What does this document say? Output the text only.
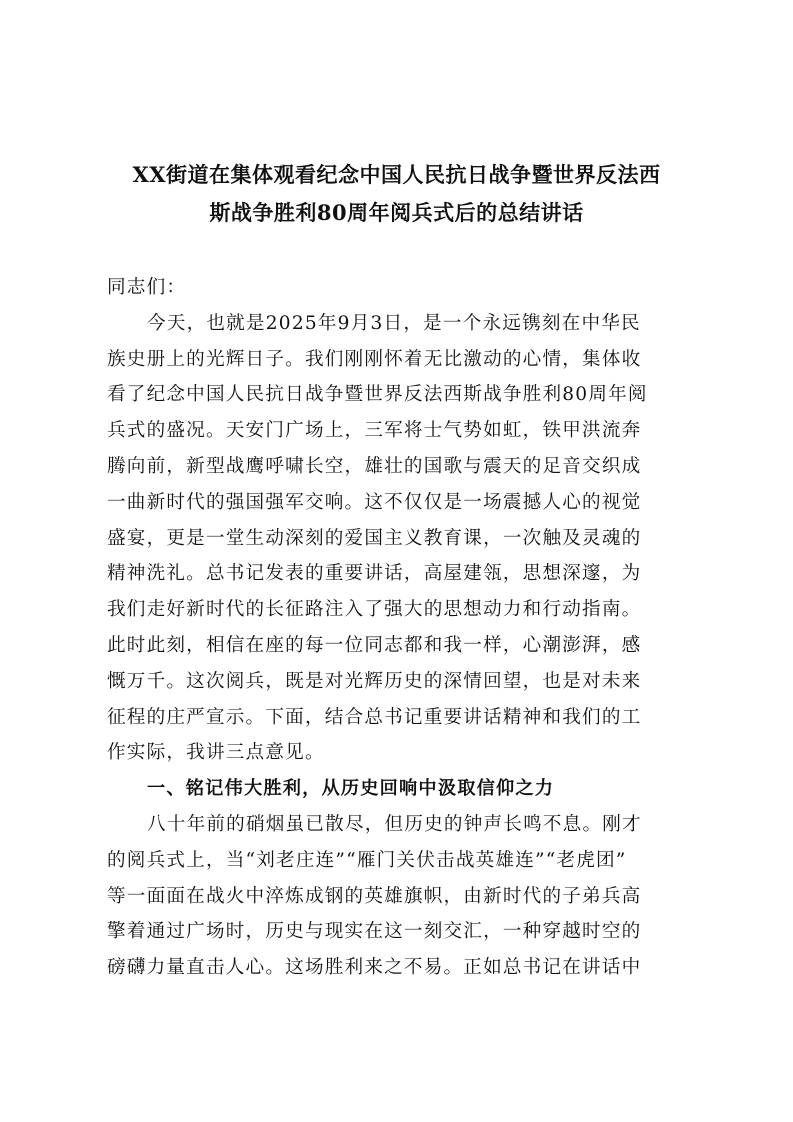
XX街道在集体观看纪念中国人民抗日战争暨世界反法西
斯战争胜利80周年阅兵式后的总结讲话
同志们：
今天，也就是2025年9月3日，是一个永远镌刻在中华民
族史册上的光辉日子。我们刚刚怀着无比激动的心情，集体收
看了纪念中国人民抗日战争暨世界反法西斯战争胜利80周年阅
兵式的盛况。天安门广场上，三军将士气势如虹，铁甲洪流奔
腾向前，新型战鹰呼啸长空，雄壮的国歌与震天的足音交织成
一曲新时代的强国强军交响。这不仅仅是一场震撼人心的视觉
盛宴，更是一堂生动深刻的爱国主义教育课，一次触及灵魂的
精神洗礼。总书记发表的重要讲话，高屋建瓴，思想深邃，为
我们走好新时代的长征路注入了强大的思想动力和行动指南。
此时此刻，相信在座的每一位同志都和我一样，心潮澎湃，感
慨万千。这次阅兵，既是对光辉历史的深情回望，也是对未来
征程的庄严宣示。下面，结合总书记重要讲话精神和我们的工
作实际，我讲三点意见。
一、铭记伟大胜利，从历史回响中汲取信仰之力
八十年前的硝烟虽已散尽，但历史的钟声长鸣不息。刚才
的阅兵式上，当“刘老庄连”“雁门关伏击战英雄连”“老虎团”
等一面面在战火中淬炼成钢的英雄旗帜，由新时代的子弟兵高
擎着通过广场时，历史与现实在这一刻交汇，一种穿越时空的
磅礴力量直击人心。这场胜利来之不易。正如总书记在讲话中
